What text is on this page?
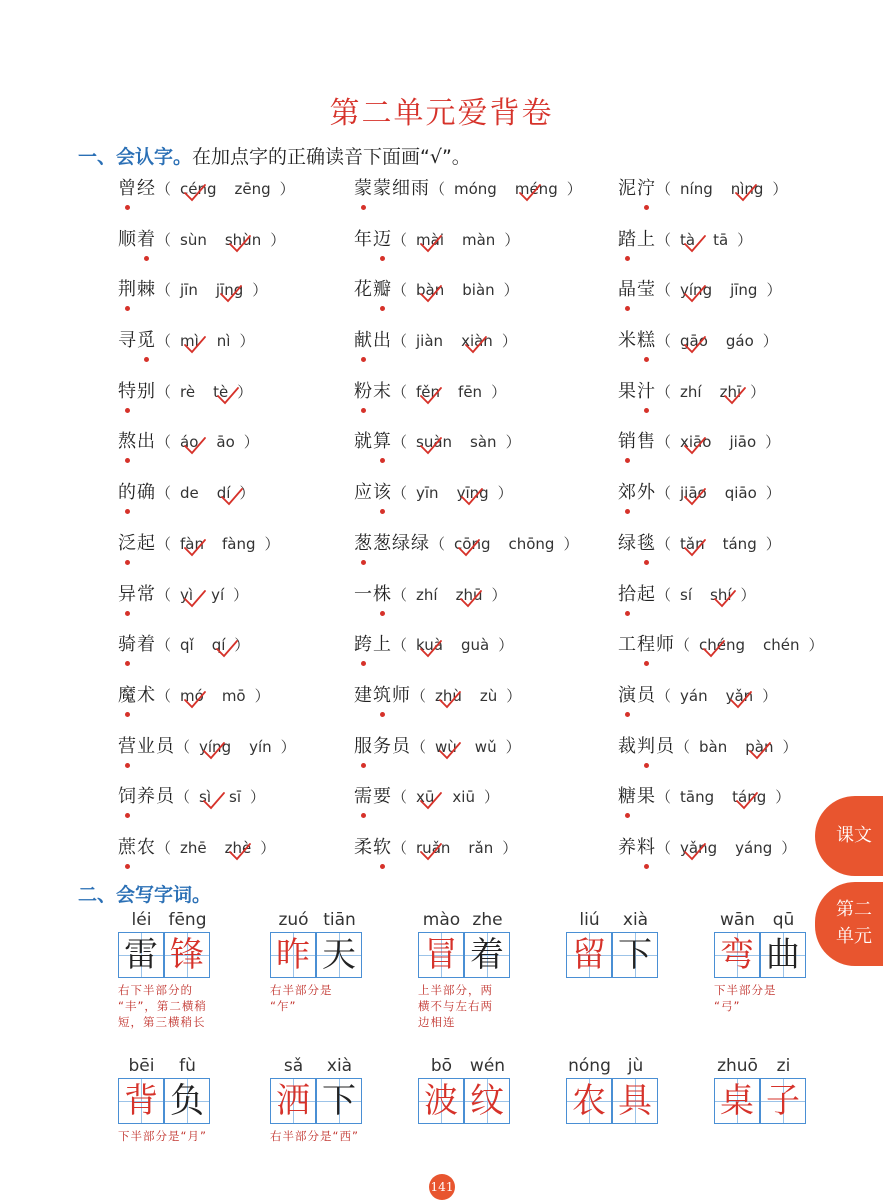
第二单元爱背卷
一、会认字。在加点字的正确读音下面画“√”。
曾经（ céng zēng ）	蒙蒙细雨（ móng méng ） 泥泞（ níng nìng ）
顺着（ sùn shùn ）	年迈（ mài màn ）	踏上（ tà tā ）
荆棘（ jīn jīng ）	花瓣（ bàn biàn ）	晶莹（ yíng jīng ）
寻觅（ mì nì ）	献出（ jiàn xiàn ）	米糕（ gāo gáo ）
特别（ rè tè ）	粉末（ fěn fēn ）	果汁（ zhí zhī ）
熬出（ áo āo ）	就算（ suàn sàn ）	销售（ xiāo jiāo ）
的确（ de dí ）	应该（ yīn yīng ）	郊外（ jiāo qiāo ）
泛起（ fàn fàng ）	葱葱绿绿（ cōng chōng ） 绿毯（ tǎn táng ）
异常（ yì yí ）	一株（ zhí zhū ）	拾起（ sí shí ）
骑着（ qǐ qí ）	跨上（ kuà guà ）	工程师（ chéng chén ）
魔术（ mó mō ）	建筑师（ zhù zù ）	演员（ yán yǎn ）
营业员（ yíng yín ）	服务员（ wù wǔ ）	裁判员（ bàn pàn ）
饲养员（ sì sī ）	需要（ xū xiū ）	糖果（ tāng táng ）
蔗农（ zhē zhè ）	柔软（ ruǎn rǎn ）	养料（ yǎng yáng ）
二、会写字词。
léi
雷
fēng
锋
右下半部分的
“丰”，第二横稍
短，第三横稍长
zuó
昨
tiān
天
右半部分是
“乍”
mào
冒
zhe
着
上半部分，两
横不与左右两
边相连
liú
留
xià
下
wān
弯
qū
曲
下半部分是
“弓”
bēi
背
fù
负
下半部分是“月”
sǎ
洒
xià
下
右半部分是“西”
bō
波
wén
纹
nóng
农
jù
具
zhuō
桌
zi
子
课文
第二
单元
141
